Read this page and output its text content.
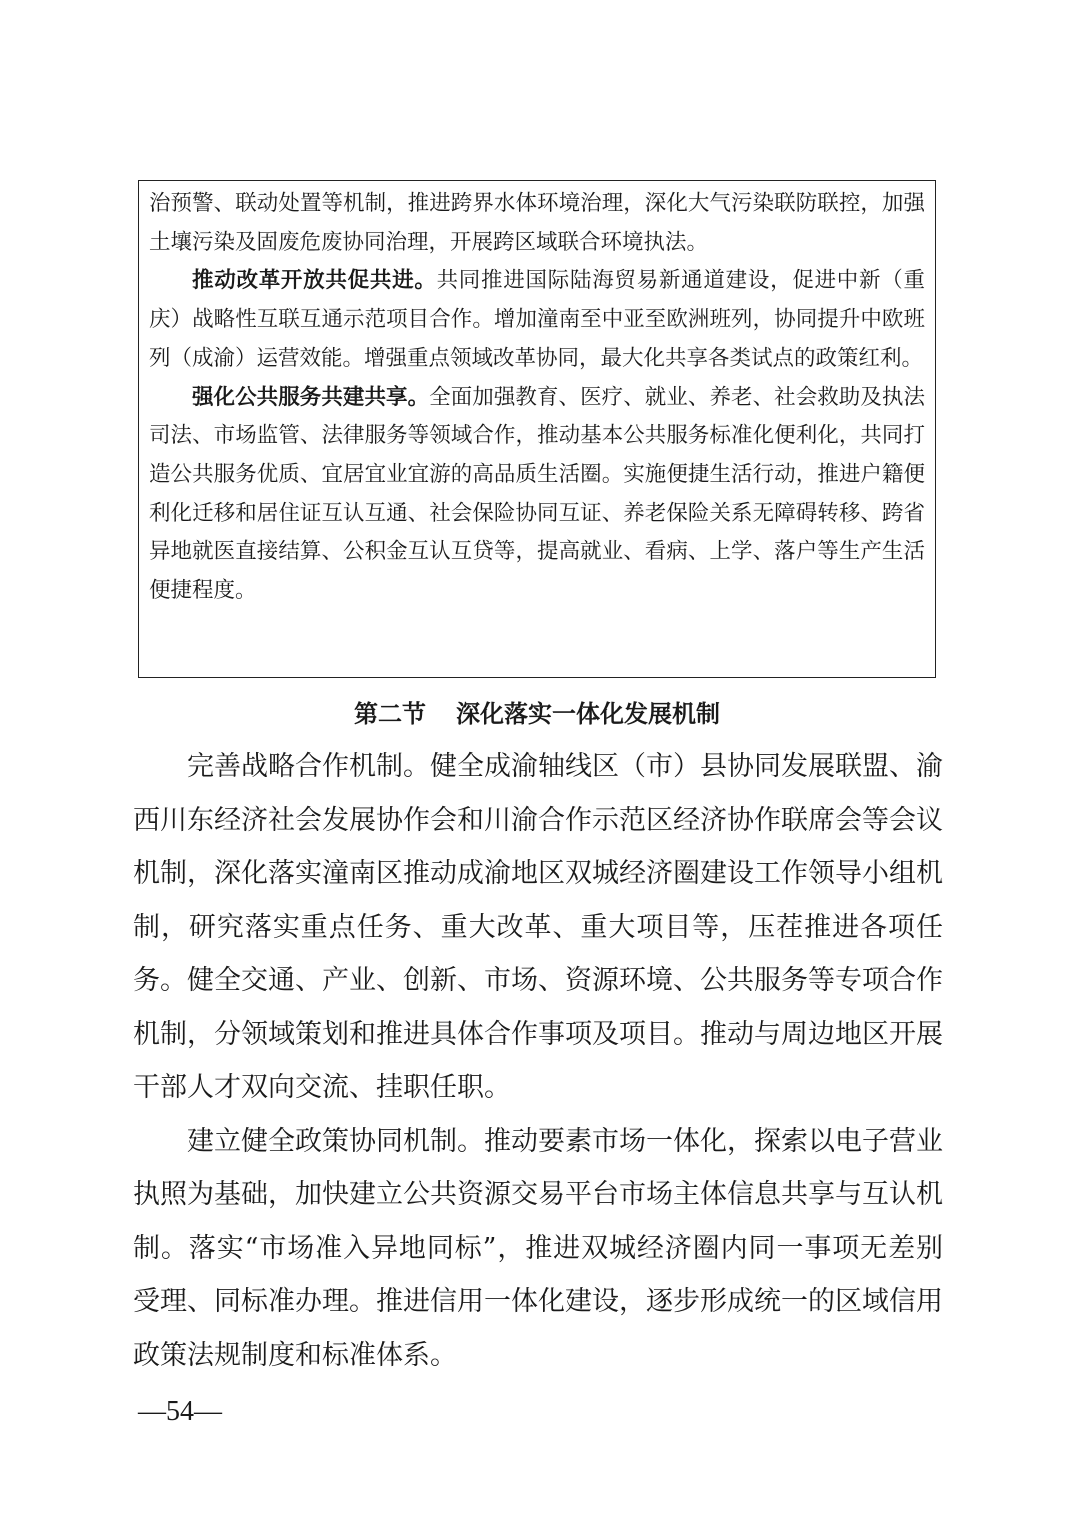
治预警、联动处置等机制，推进跨界水体环境治理，深化大气污染联防联控，加强土壤污染及固废危废协同治理，开展跨区域联合环境执法。

推动改革开放共促共进。共同推进国际陆海贸易新通道建设，促进中新（重庆）战略性互联互通示范项目合作。增加潼南至中亚至欧洲班列，协同提升中欧班列（成渝）运营效能。增强重点领域改革协同，最大化共享各类试点的政策红利。

强化公共服务共建共享。全面加强教育、医疗、就业、养老、社会救助及执法司法、市场监管、法律服务等领域合作，推动基本公共服务标准化便利化，共同打造公共服务优质、宜居宜业宜游的高品质生活圈。实施便捷生活行动，推进户籍便利化迁移和居住证互认互通、社会保险协同互证、养老保险关系无障碍转移、跨省异地就医直接结算、公积金互认互贷等，提高就业、看病、上学、落户等生产生活便捷程度。

第二节 深化落实一体化发展机制

完善战略合作机制。健全成渝轴线区（市）县协同发展联盟、渝西川东经济社会发展协作会和川渝合作示范区经济协作联席会等会议机制，深化落实潼南区推动成渝地区双城经济圈建设工作领导小组机制，研究落实重点任务、重大改革、重大项目等，压茬推进各项任务。健全交通、产业、创新、市场、资源环境、公共服务等专项合作机制，分领域策划和推进具体合作事项及项目。推动与周边地区开展干部人才双向交流、挂职任职。

建立健全政策协同机制。推动要素市场一体化，探索以电子营业执照为基础，加快建立公共资源交易平台市场主体信息共享与互认机制。落实“市场准入异地同标”，推进双城经济圈内同一事项无差别受理、同标准办理。推进信用一体化建设，逐步形成统一的区域信用政策法规制度和标准体系。

—54—
